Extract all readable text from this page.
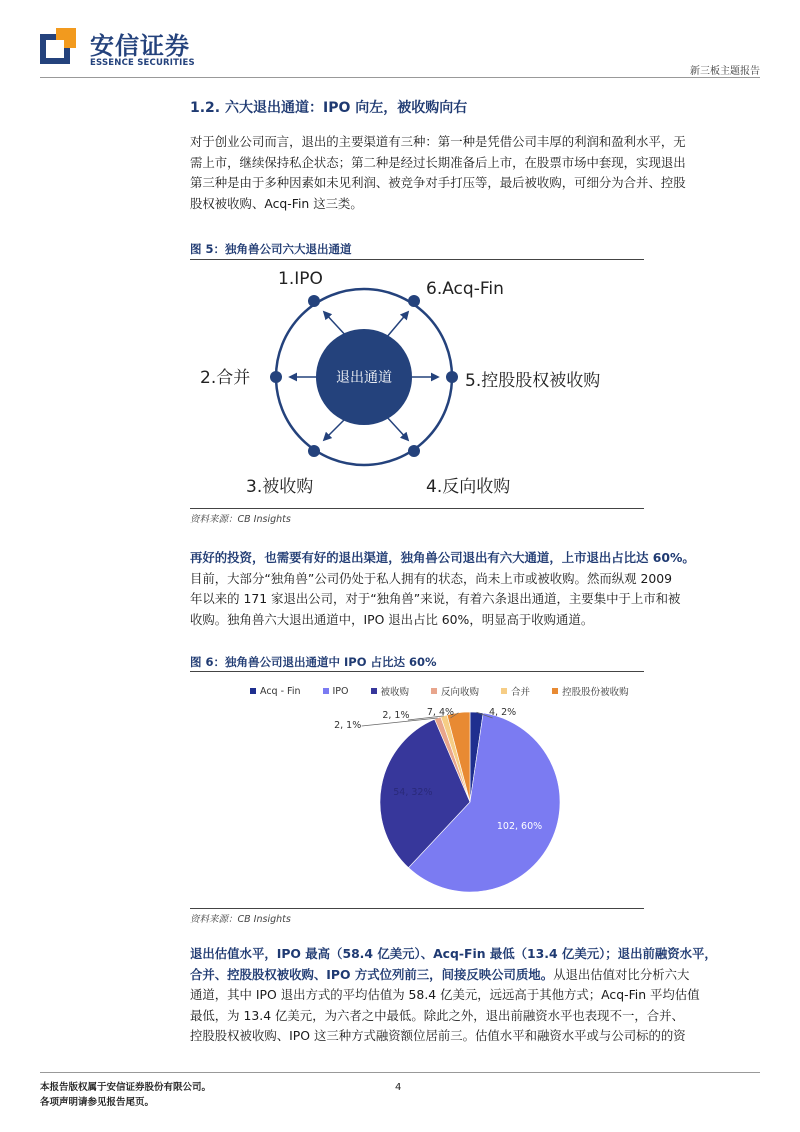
安信证券
ESSENCE SECURITIES
新三板主题报告
1.2. 六大退出通道：IPO 向左，被收购向右
对于创业公司而言，退出的主要渠道有三种：第一种是凭借公司丰厚的利润和盈利水平，无
需上市，继续保持私企状态；第二种是经过长期准备后上市，在股票市场中套现，实现退出
第三种是由于多种因素如未见利润、被竞争对手打压等，最后被收购，可细分为合并、控股
股权被收购、Acq-Fin 这三类。
图 5：独角兽公司六大退出通道
退出通道
1.IPO	6.Acq-Fin
2.合并	5.控股股权被收购
3.被收购	4.反向收购
资料来源：CB Insights
再好的投资，也需要有好的退出渠道，独角兽公司退出有六大通道，上市退出占比达 60%。
目前，大部分“独角兽”公司仍处于私人拥有的状态，尚未上市或被收购。然而纵观 2009
年以来的 171 家退出公司，对于“独角兽”来说，有着六条退出通道，主要集中于上市和被
收购。独角兽六大退出通道中，IPO 退出占比 60%，明显高于收购通道。
图 6：独角兽公司退出通道中 IPO 占比达 60%
Acq - Fin	IPO	被收购	反向收购	合并	控股股份被收购
102, 60%
54, 32%
4, 2%
7, 4%
2, 1%
2, 1%
资料来源：CB Insights
退出估值水平，IPO 最高（58.4 亿美元）、Acq-Fin 最低（13.4 亿美元）；退出前融资水平，
合并、控股股权被收购、IPO 方式位列前三，间接反映公司质地。从退出估值对比分析六大
通道，其中 IPO 退出方式的平均估值为 58.4 亿美元，远远高于其他方式；Acq-Fin 平均估值
最低，为 13.4 亿美元，为六者之中最低。除此之外，退出前融资水平也表现不一，合并、
控股股权被收购、IPO 这三种方式融资额位居前三。估值水平和融资水平或与公司标的的资
本报告版权属于安信证券股份有限公司。
各项声明请参见报告尾页。
4
